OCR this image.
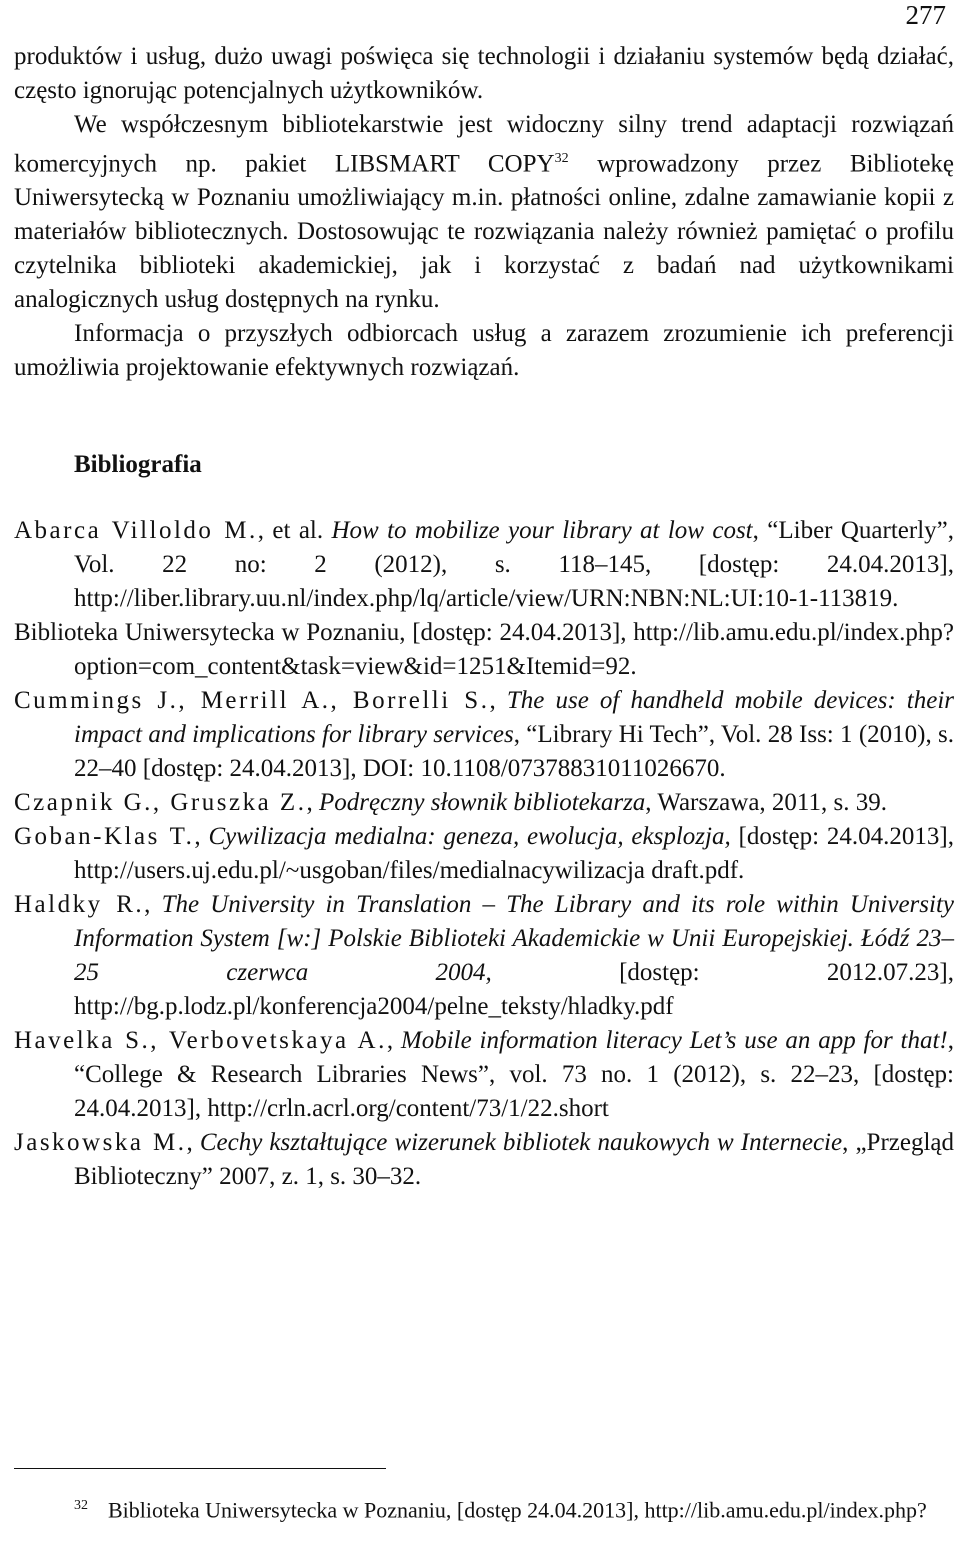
277

produktów i usług, dużo uwagi poświęca się technologii i działaniu systemów będą działać, często ignorując potencjalnych użytkowników.

We współczesnym bibliotekarstwie jest widoczny silny trend adaptacji rozwiązań komercyjnych np. pakiet LIBSMART COPY$^{32}$ wprowadzony przez Bibliotekę Uniwersytecką w Poznaniu umożliwiający m.in. płatności online, zdalne zamawianie kopii z materiałów bibliotecznych. Dostosowując te rozwiązania należy również pamiętać o profilu czytelnika biblioteki akademickiej, jak i korzystać z badań nad użytkownikami analogicznych usług dostępnych na rynku.

Informacja o przyszłych odbiorcach usług a zarazem zrozumienie ich preferencji umożliwia projektowanie efektywnych rozwiązań.

Bibliografia

Abarca Villoldo M., et al. How to mobilize your library at low cost, “Liber Quarterly”, Vol. 22 no: 2 (2012), s. 118–145, [dostęp: 24.04.2013], http://liber.library.uu.nl/index.php/lq/article/view/URN:NBN:NL:UI:10-1-113819.

Biblioteka Uniwersytecka w Poznaniu, [dostęp: 24.04.2013], http://lib.amu.edu.pl/index.php?option=com_content&task=view&id=1251&Itemid=92.

Cummings J., Merrill A., Borrelli S., The use of handheld mobile devices: their impact and implications for library services, “Library Hi Tech”, Vol. 28 Iss: 1 (2010), s. 22–40 [dostęp: 24.04.2013], DOI: 10.1108/07378831011026670.

Czapnik G., Gruszka Z., Podręczny słownik bibliotekarza, Warszawa, 2011, s. 39.

Goban-Klas T., Cywilizacja medialna: geneza, ewolucja, eksplozja, [dostęp: 24.04.2013], http://users.uj.edu.pl/~usgoban/files/medialnacywilizacja draft.pdf.

Haldky R., The University in Translation – The Library and its role within University Information System [w:] Polskie Biblioteki Akademickie w Unii Europejskiej. Łódź 23–25 czerwca 2004, [dostęp: 2012.07.23], http://bg.p.lodz.pl/konferencja2004/pelne_teksty/hladky.pdf

Havelka S., Verbovetskaya A., Mobile information literacy Let’s use an app for that!, “College & Research Libraries News”, vol. 73 no. 1 (2012), s. 22–23, [dostęp: 24.04.2013], http://crln.acrl.org/content/73/1/22.short

Jaskowska M., Cechy kształtujące wizerunek bibliotek naukowych w Internecie, „Przegląd Biblioteczny” 2007, z. 1, s. 30–32.

$^{32}$ Biblioteka Uniwersytecka w Poznaniu, [dostęp 24.04.2013], http://lib.amu.edu.pl/index.php?
